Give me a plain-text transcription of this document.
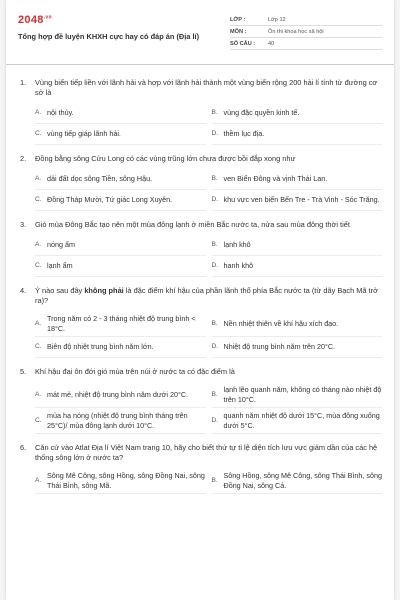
$2048^{.vn}$
Tổng hợp đề luyện KHXH cực hay có đáp án (Địa lí)
LỚP :	Lớp 12
MÔN :	Ôn thi khoa học xã hội
SỐ CÂU :	40
1.	Vùng biển tiếp liền với lãnh hải và hợp với lãnh hải thành một vùng biển rộng 200 hải lí tính từ đường cơ sở là
A. nội thủy.	B. vùng đặc quyền kinh tế.
C. vùng tiếp giáp lãnh hải.	D. thềm lục địa.
2.	Đồng bằng sông Cửu Long có các vùng trũng lớn chưa được bồi đắp xong như
A. dải đất dọc sông Tiền, sông Hậu.	B. ven Biển Đông và vịnh Thái Lan.
C. Đồng Tháp Mười, Tứ giác Long Xuyên.	D. khu vực ven biển Bến Tre - Trà Vinh - Sóc Trăng.
3.	Gió mùa Đông Bắc tạo nên một mùa đông lạnh ở miền Bắc nước ta, nửa sau mùa đông thời tiết
A. nóng ẩm	B. lạnh khô
C. lạnh ẩm	D. hanh khô
4.	Ý nào sau đây không phải là đặc điểm khí hậu của phần lãnh thổ phía Bắc nước ta (từ dãy Bạch Mã trở ra)?
A.
Trong năm có 2 - 3 tháng nhiệt độ trung bình < 18°C.
B. Nền nhiệt thiên về khí hậu xích đạo.
C. Biên độ nhiệt trung bình năm lớn.	D. Nhiệt độ trung bình năm trên 20°C.
5.	Khí hậu đai ôn đới gió mùa trên núi ở nước ta có đặc điểm là
A. mát mẻ, nhiệt độ trung bình năm dưới 20°C.	B.
lạnh lẽo quanh năm, không có tháng nào nhiệt độ trên 10°C.
C.
mùa hạ nóng (nhiệt độ trung bình tháng trên 25°C)/ mùa đông lạnh dưới 10°C.
D.
quanh năm nhiệt độ dưới 15°C, mùa đông xuống dưới 5°C.
6.	Căn cứ vào Atlat Địa lí Việt Nam trang 10, hãy cho biết thứ tự tỉ lệ diện tích lưu vực giảm dần của các hệ thống sông lớn ở nước ta?
A.
Sông Mê Công, sông Hồng, sông Đồng Nai, sông Thái Bình, sông Mã.
B.
Sông Hồng, sông Mê Công, sông Thái Bình, sông Đồng Nai, sông Cả.
